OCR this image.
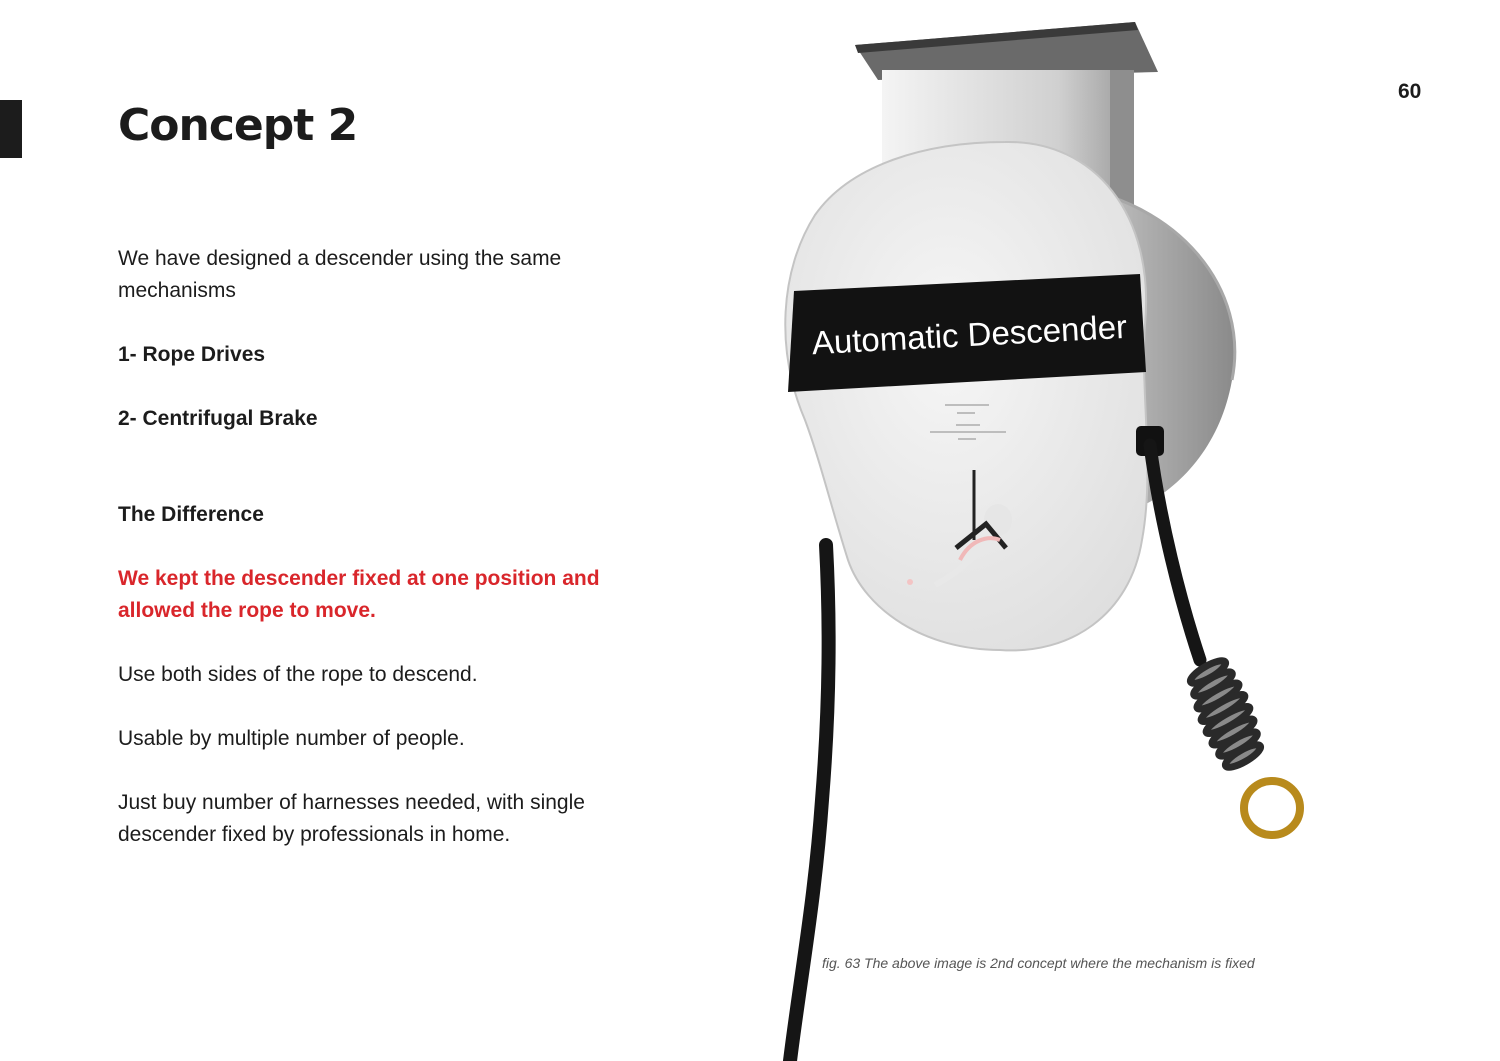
Concept 2
60

We have designed a descender using the same mechanisms

1- Rope Drives

2- Centrifugal Brake

The Difference

We kept the descender fixed at one position and allowed the rope to move.

Use both sides of the rope to descend.

Usable by multiple number of people.

Just buy number of harnesses needed, with single descender fixed by professionals in home.

Automatic Descender
fig. 63 The above image is 2nd concept where the mechanism is fixed
